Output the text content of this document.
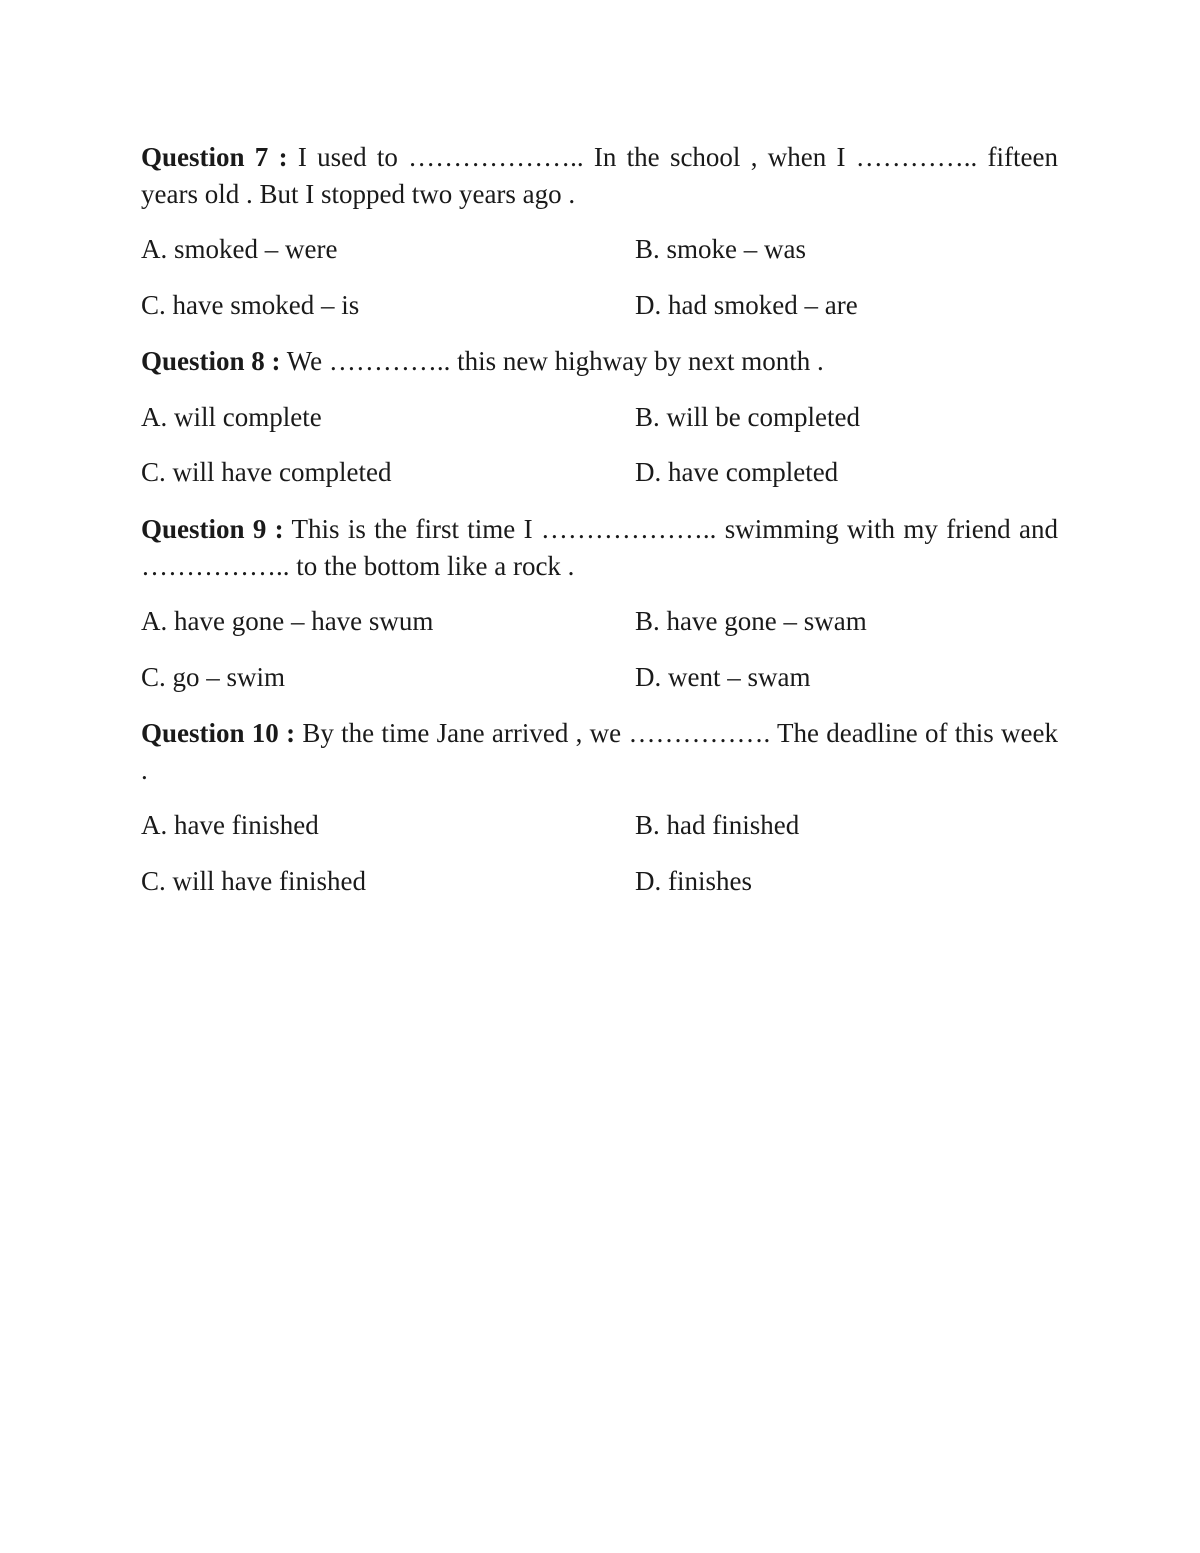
Question 7 : I used to ……………….. In the school , when I ………….. fifteen years old . But I stopped two years ago .

A. smoked – were	B. smoke – was
C. have smoked – is	D. had smoked – are

Question 8 : We ………….. this new highway by next month .

A. will complete	B. will be completed
C. will have completed	D. have completed

Question 9 : This is the first time I ……………….. swimming with my friend and …………….. to the bottom like a rock .

A. have gone – have swum	B. have gone – swam
C. go – swim	D. went – swam

Question 10 : By the time Jane arrived , we ……………. The deadline of this week .

A. have finished	B. had finished
C. will have finished	D. finishes
